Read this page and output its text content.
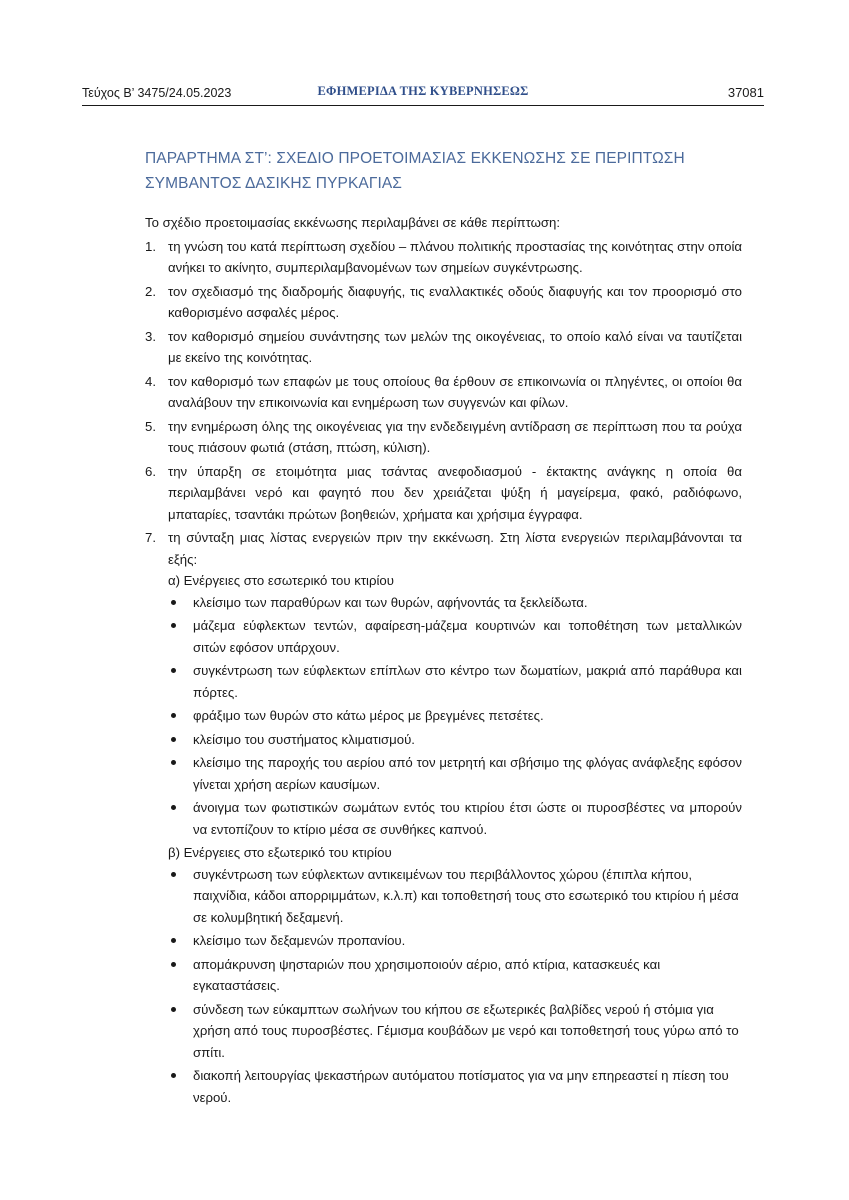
Τεύχος Β’ 3475/24.05.2023	ΕΦΗΜΕΡΙΔΑ ΤΗΣ ΚΥΒΕΡΝΗΣΕΩΣ	37081
ΠΑΡΑΡΤΗΜΑ ΣΤ’: ΣΧΕΔΙΟ ΠΡΟΕΤΟΙΜΑΣΙΑΣ ΕΚΚΕΝΩΣΗΣ ΣΕ ΠΕΡΙΠΤΩΣΗ
ΣΥΜΒΑΝΤΟΣ ΔΑΣΙΚΗΣ ΠΥΡΚΑΓΙΑΣ

Το σχέδιο προετοιμασίας εκκένωσης περιλαμβάνει σε κάθε περίπτωση:

1. τη γνώση του κατά περίπτωση σχεδίου – πλάνου πολιτικής προστασίας της κοινότητας στην οποία ανήκει το ακίνητο, συμπεριλαμβανομένων των σημείων συγκέντρωσης.
2. τον σχεδιασμό της διαδρομής διαφυγής, τις εναλλακτικές οδούς διαφυγής και τον προορισμό στο καθορισμένο ασφαλές μέρος.
3. τον καθορισμό σημείου συνάντησης των μελών της οικογένειας, το οποίο καλό είναι να ταυτίζεται με εκείνο της κοινότητας.
4. τον καθορισμό των επαφών με τους οποίους θα έρθουν σε επικοινωνία οι πληγέντες, οι οποίοι θα αναλάβουν την επικοινωνία και ενημέρωση των συγγενών και φίλων.
5. την ενημέρωση όλης της οικογένειας για την ενδεδειγμένη αντίδραση σε περίπτωση που τα ρούχα τους πιάσουν φωτιά (στάση, πτώση, κύλιση).
6. την ύπαρξη σε ετοιμότητα μιας τσάντας ανεφοδιασμού - έκτακτης ανάγκης η οποία θα περιλαμβάνει νερό και φαγητό που δεν χρειάζεται ψύξη ή μαγείρεμα, φακό, ραδιόφωνο, μπαταρίες, τσαντάκι πρώτων βοηθειών, χρήματα και χρήσιμα έγγραφα.
7. τη σύνταξη μιας λίστας ενεργειών πριν την εκκένωση. Στη λίστα ενεργειών περιλαμβάνονται τα εξής:

α) Ενέργειες στο εσωτερικό του κτιρίου

κλείσιμο των παραθύρων και των θυρών, αφήνοντάς τα ξεκλείδωτα.
μάζεμα εύφλεκτων τεντών, αφαίρεση-μάζεμα κουρτινών και τοποθέτηση των μεταλλικών σιτών εφόσον υπάρχουν.
συγκέντρωση των εύφλεκτων επίπλων στο κέντρο των δωματίων, μακριά από παράθυρα και πόρτες.
φράξιμο των θυρών στο κάτω μέρος με βρεγμένες πετσέτες.
κλείσιμο του συστήματος κλιματισμού.
κλείσιμο της παροχής του αερίου από τον μετρητή και σβήσιμο της φλόγας ανάφλεξης εφόσον γίνεται χρήση αερίων καυσίμων.
άνοιγμα των φωτιστικών σωμάτων εντός του κτιρίου έτσι ώστε οι πυροσβέστες να μπορούν να εντοπίζουν το κτίριο μέσα σε συνθήκες καπνού.

β) Ενέργειες στο εξωτερικό του κτιρίου

συγκέντρωση των εύφλεκτων αντικειμένων του περιβάλλοντος χώρου (έπιπλα κήπου, παιχνίδια, κάδοι απορριμμάτων, κ.λ.π) και τοποθετησή τους στο εσωτερικό του κτιρίου ή μέσα σε κολυμβητική δεξαμενή.
κλείσιμο των δεξαμενών προπανίου.
απομάκρυνση ψησταριών που χρησιμοποιούν αέριο, από κτίρια, κατασκευές και εγκαταστάσεις.
σύνδεση των εύκαμπτων σωλήνων του κήπου σε εξωτερικές βαλβίδες νερού ή στόμια για χρήση από τους πυροσβέστες. Γέμισμα κουβάδων με νερό και τοποθετησή τους γύρω από το σπίτι.
διακοπή λειτουργίας ψεκαστήρων αυτόματου ποτίσματος για να μην επηρεαστεί η πίεση του νερού.
